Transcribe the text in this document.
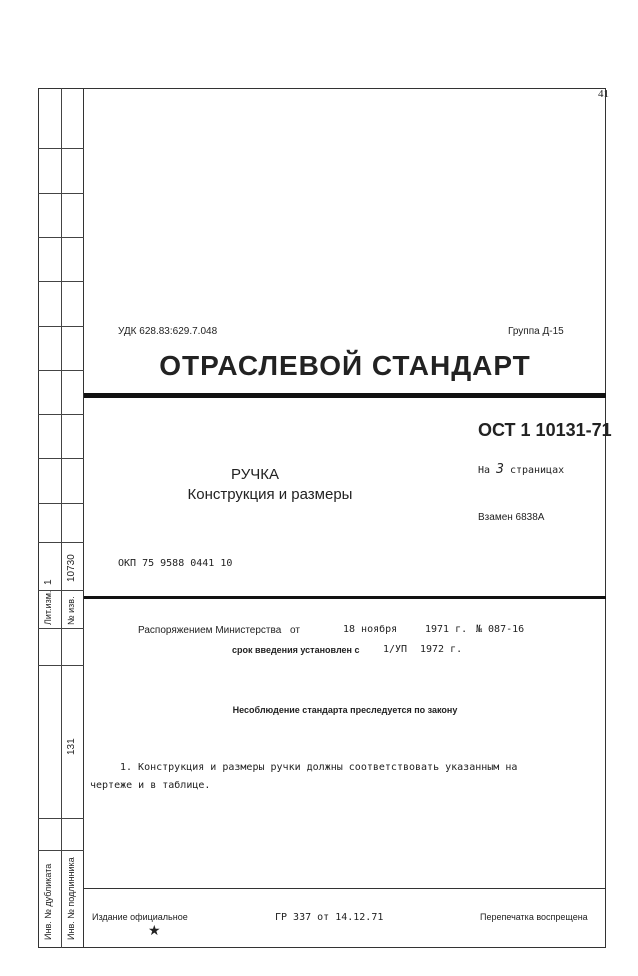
41
1
10730
Лит.изм. № изв.
131
Инв. № дубликата Инв. № подлинника
УДК 628.83:629.7.048	Группа Д-15
ОТРАСЛЕВОЙ СТАНДАРТ
ОСТ 1 10131-71
На 3 страницах
Взамен 6838А
РУЧКА
Конструкция и размеры
ОКП 75 9588 0441 10
Распоряжением Министерства от	18 ноября	1971 г. № 087-16
срок введения установлен с 1/УП 1972 г.
Несоблюдение стандарта преследуется по закону
1. Конструкция и размеры ручки должны соответствовать указанным на
чертеже и в таблице.
Издание официальное
★
ГР 337 от 14.12.71	Перепечатка воспрещена
